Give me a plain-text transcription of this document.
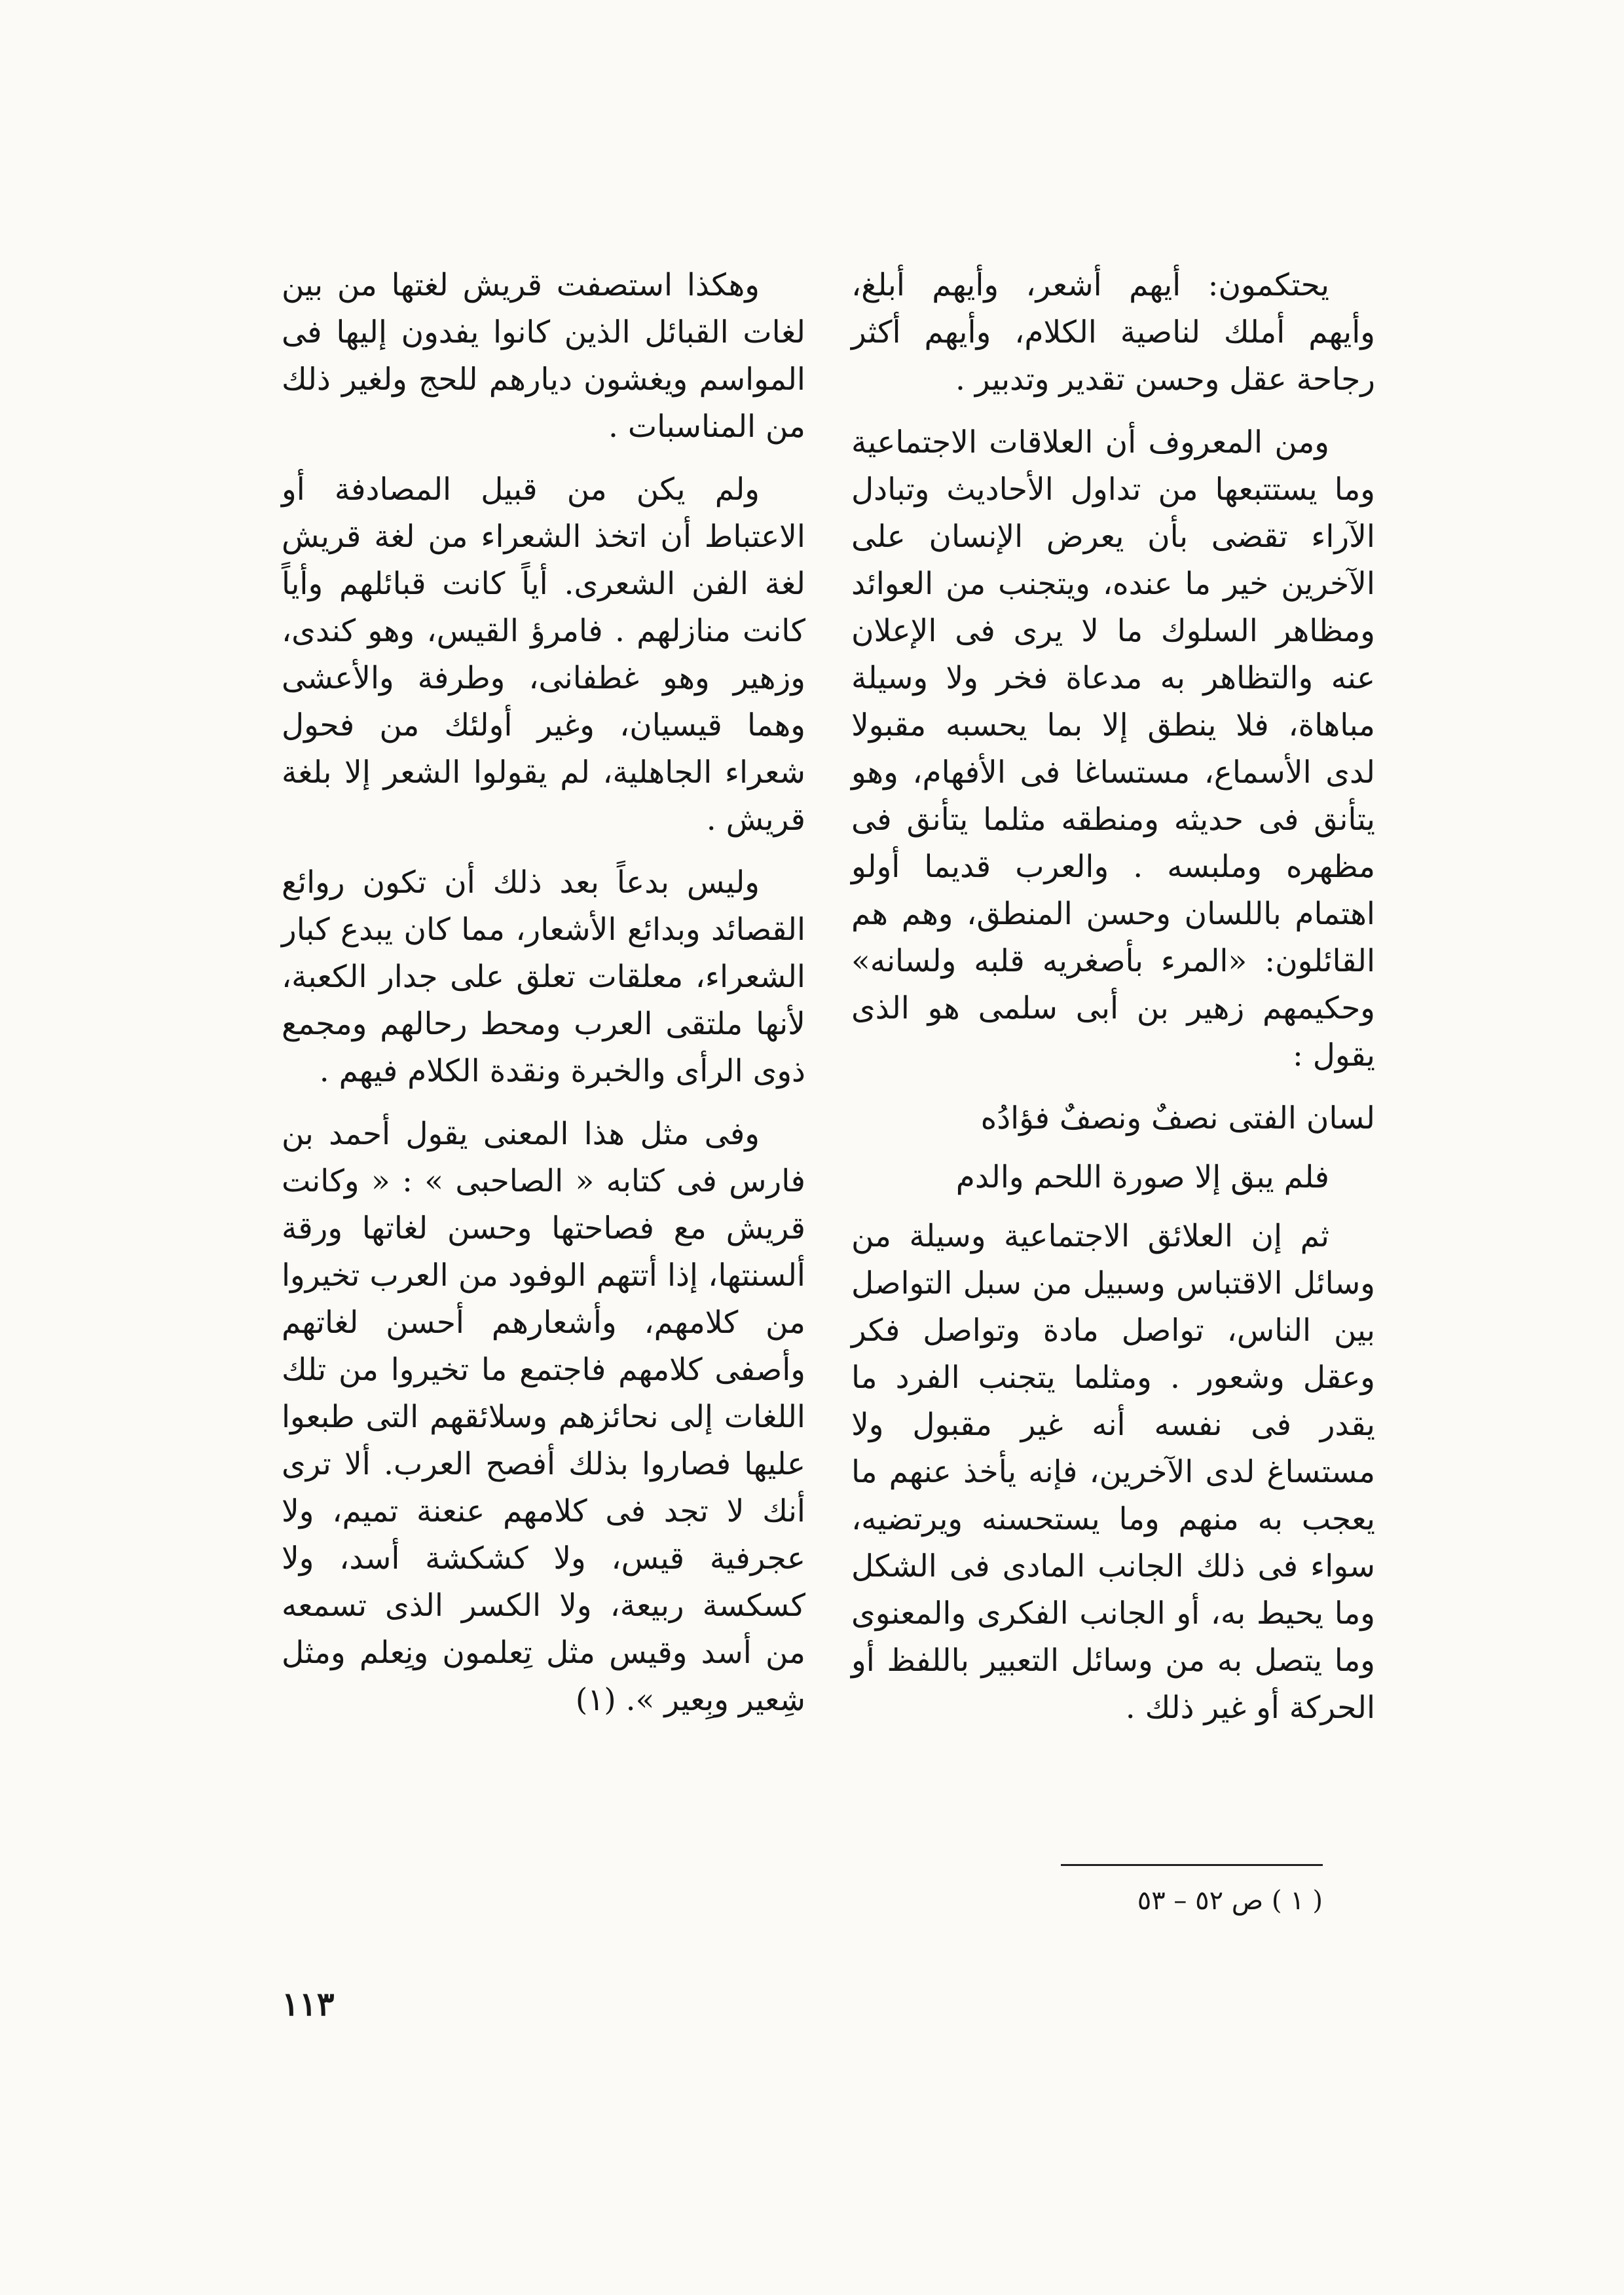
يحتكمون: أيهم أشعر، وأيهم أبلغ، وأيهم أملك لناصية الكلام، وأيهم أكثر رجاحة عقل وحسن تقدير وتدبير .

ومن المعروف أن العلاقات الاجتماعية وما يستتبعها من تداول الأحاديث وتبادل الآراء تقضى بأن يعرض الإنسان على الآخرين خير ما عنده، ويتجنب من العوائد ومظاهر السلوك ما لا يرى فى الإعلان عنه والتظاهر به مدعاة فخر ولا وسيلة مباهاة، فلا ينطق إلا بما يحسبه مقبولا لدى الأسماع، مستساغا فى الأفهام، وهو يتأنق فى حديثه ومنطقه مثلما يتأنق فى مظهره وملبسه . والعرب قديما أولو اهتمام باللسان وحسن المنطق، وهم هم القائلون: «المرء بأصغريه قلبه ولسانه» وحكيمهم زهير بن أبى سلمى هو الذى يقول :

لسان الفتى نصفٌ ونصفٌ فؤادُه

فلم يبق إلا صورة اللحم والدم

ثم إن العلائق الاجتماعية وسيلة من وسائل الاقتباس وسبيل من سبل التواصل بين الناس، تواصل مادة وتواصل فكر وعقل وشعور . ومثلما يتجنب الفرد ما يقدر فى نفسه أنه غير مقبول ولا مستساغ لدى الآخرين، فإنه يأخذ عنهم ما يعجب به منهم وما يستحسنه ويرتضيه، سواء فى ذلك الجانب المادى فى الشكل وما يحيط به، أو الجانب الفكرى والمعنوى وما يتصل به من وسائل التعبير باللفظ أو الحركة أو غير ذلك .

وهكذا استصفت قريش لغتها من بين لغات القبائل الذين كانوا يفدون إليها فى المواسم ويغشون ديارهم للحج ولغير ذلك من المناسبات .

ولم يكن من قبيل المصادفة أو الاعتباط أن اتخذ الشعراء من لغة قريش لغة الفن الشعرى. أياً كانت قبائلهم وأياً كانت منازلهم . فامرؤ القيس، وهو كندى، وزهير وهو غطفانى، وطرفة والأعشى وهما قيسيان، وغير أولئك من فحول شعراء الجاهلية، لم يقولوا الشعر إلا بلغة قريش .

وليس بدعاً بعد ذلك أن تكون روائع القصائد وبدائع الأشعار، مما كان يبدع كبار الشعراء، معلقات تعلق على جدار الكعبة، لأنها ملتقى العرب ومحط رحالهم ومجمع ذوى الرأى والخبرة ونقدة الكلام فيهم .

وفى مثل هذا المعنى يقول أحمد بن فارس فى كتابه « الصاحبى » : « وكانت قريش مع فصاحتها وحسن لغاتها ورقة ألسنتها، إذا أتتهم الوفود من العرب تخيروا من كلامهم، وأشعارهم أحسن لغاتهم وأصفى كلامهم فاجتمع ما تخيروا من تلك اللغات إلى نحائزهم وسلائقهم التى طبعوا عليها فصاروا بذلك أفصح العرب. ألا ترى أنك لا تجد فى كلامهم عنعنة تميم، ولا عجرفية قيس، ولا كشكشة أسد، ولا كسكسة ربيعة، ولا الكسر الذى تسمعه من أسد وقيس مثل تِعلمون ونِعلم ومثل شِعير وبِعير ». (١)

( ١ ) ص ٥٢ – ٥٣
١١٣
